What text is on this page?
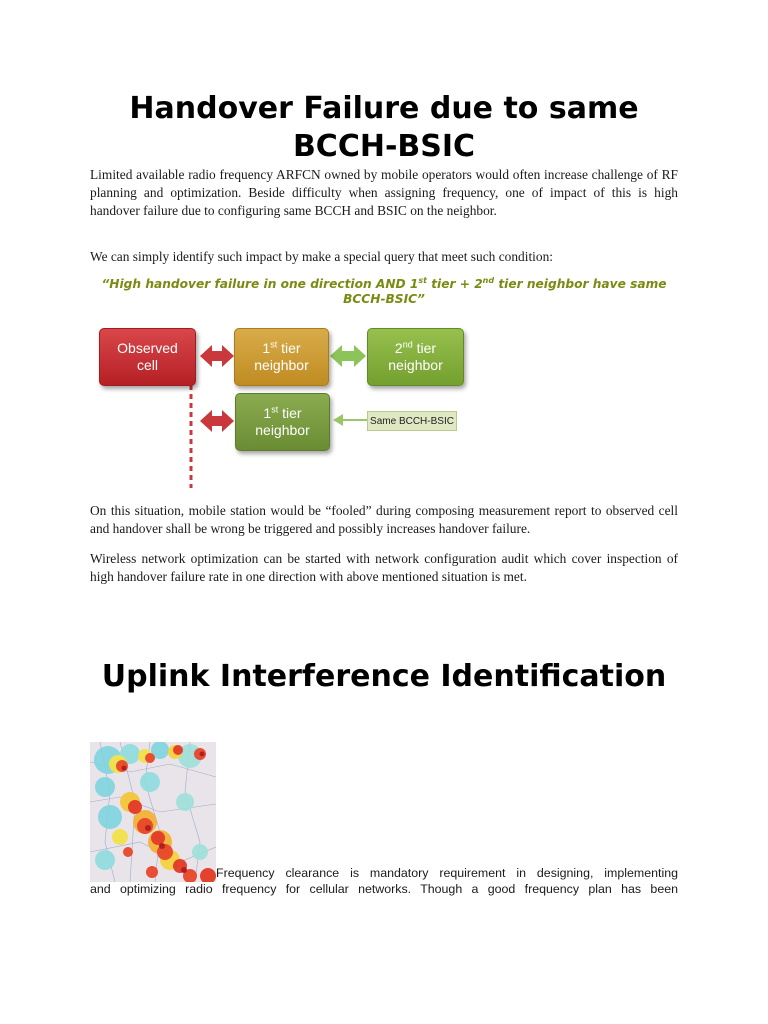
Handover Failure due to same BCCH-BSIC
Limited available radio frequency ARFCN owned by mobile operators would often increase challenge of RF planning and optimization. Beside difficulty when assigning frequency, one of impact of this is high handover failure due to configuring same BCCH and BSIC on the neighbor.
We can simply identify such impact by make a special query that meet such condition:
“High handover failure in one direction AND 1st tier + 2nd tier neighbor have same BCCH-BSIC”
Observed cell
1st tier
neighbor
2nd tier
neighbor
1st tier
neighbor
Same BCCH-BSIC
On this situation, mobile station would be “fooled” during composing measurement report to observed cell and handover shall be wrong be triggered and possibly increases handover failure.
Wireless network optimization can be started with network configuration audit which cover inspection of high handover failure rate in one direction with above mentioned situation is met.
Uplink Interference Identification
Frequency clearance is mandatory requirement in designing, implementing
and optimizing radio frequency for cellular networks. Though a good frequency plan has been
